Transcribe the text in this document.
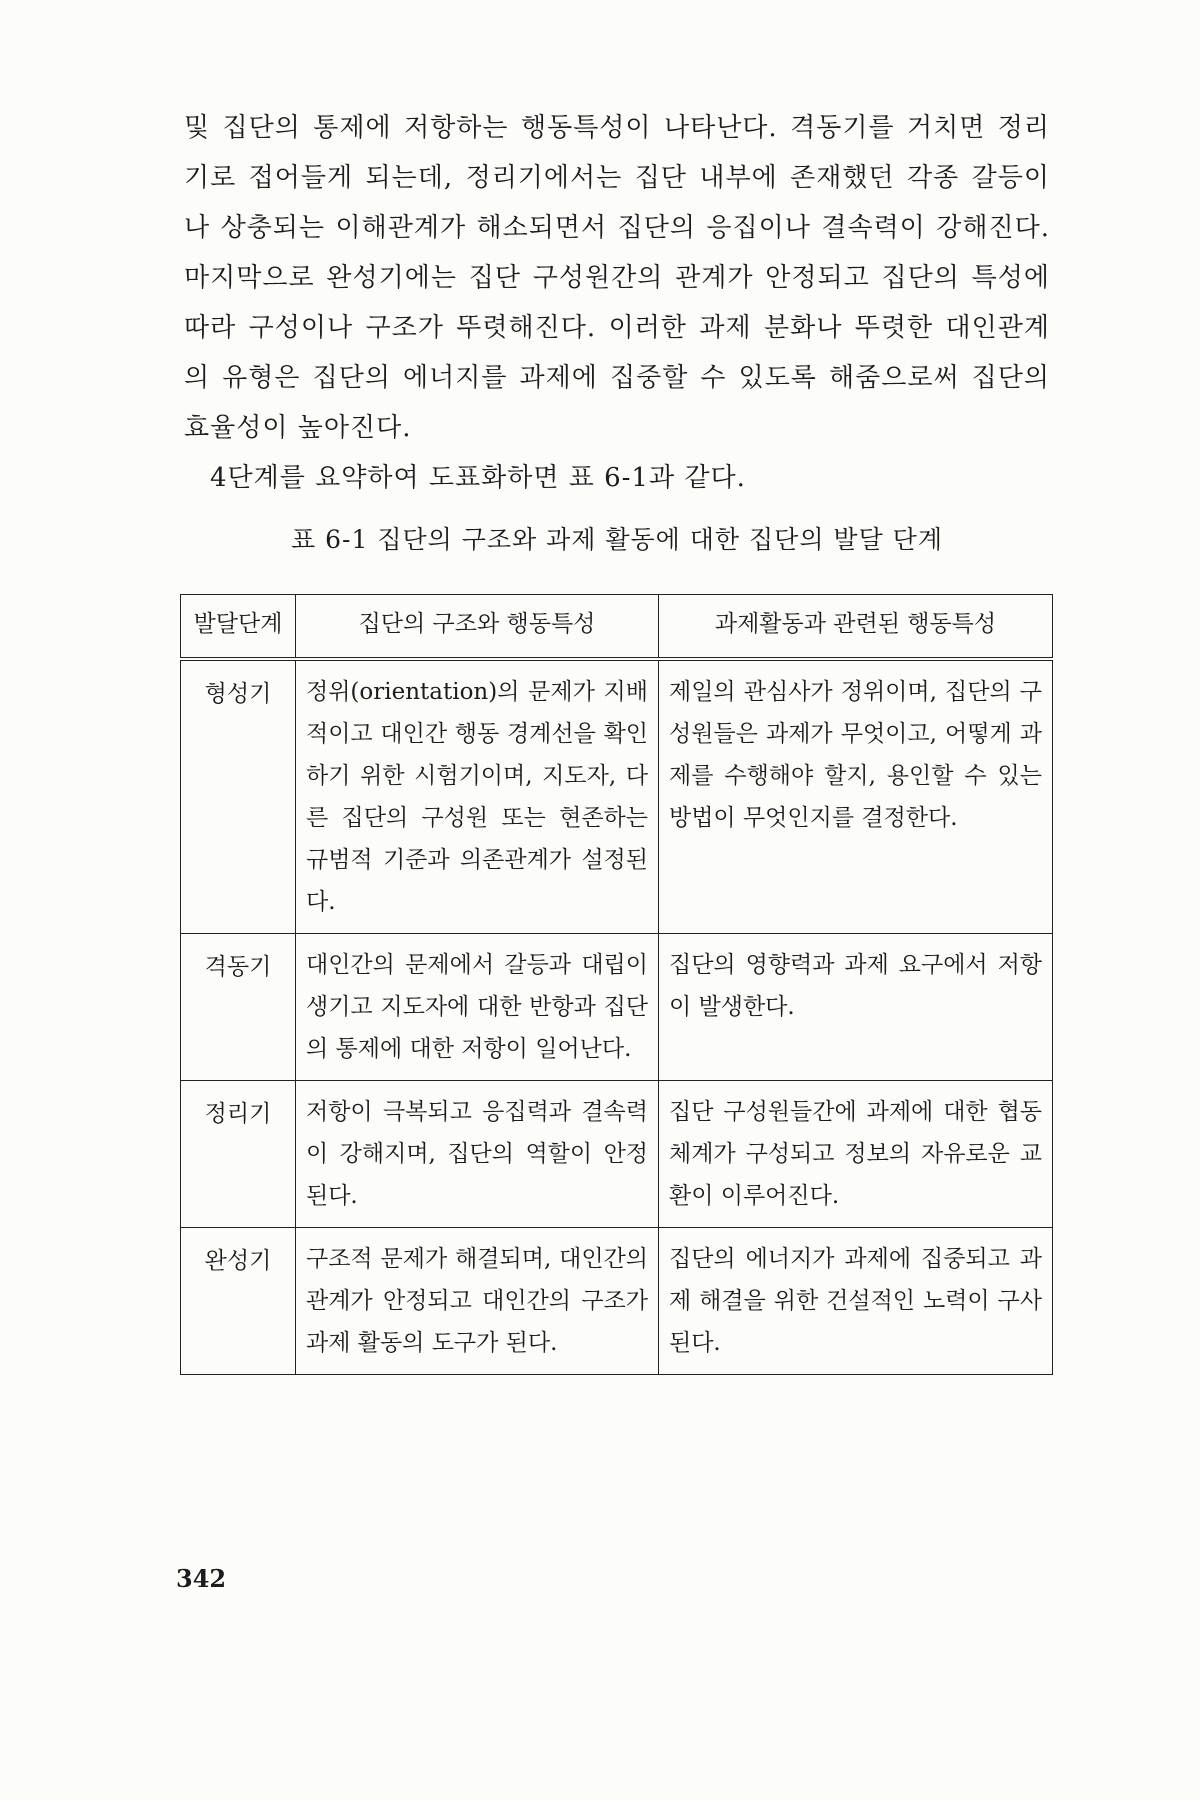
및 집단의 통제에 저항하는 행동특성이 나타난다. 격동기를 거치면 정리기로 접어들게 되는데, 정리기에서는 집단 내부에 존재했던 각종 갈등이나 상충되는 이해관계가 해소되면서 집단의 응집이나 결속력이 강해진다. 마지막으로 완성기에는 집단 구성원간의 관계가 안정되고 집단의 특성에 따라 구성이나 구조가 뚜렷해진다. 이러한 과제 분화나 뚜렷한 대인관계의 유형은 집단의 에너지를 과제에 집중할 수 있도록 해줌으로써 집단의 효율성이 높아진다.

4단계를 요약하여 도표화하면 표 6-1과 같다.

표 6-1 집단의 구조와 과제 활동에 대한 집단의 발달 단계
발달단계	집단의 구조와 행동특성	과제활동과 관련된 행동특성
형성기	정위(orientation)의 문제가 지배적이고 대인간 행동 경계선을 확인하기 위한 시험기이며, 지도자, 다른 집단의 구성원 또는 현존하는 규범적 기준과 의존관계가 설정된다.	제일의 관심사가 정위이며, 집단의 구성원들은 과제가 무엇이고, 어떻게 과제를 수행해야 할지, 용인할 수 있는 방법이 무엇인지를 결정한다.
격동기	대인간의 문제에서 갈등과 대립이 생기고 지도자에 대한 반항과 집단의 통제에 대한 저항이 일어난다.	집단의 영향력과 과제 요구에서 저항이 발생한다.
정리기	저항이 극복되고 응집력과 결속력이 강해지며, 집단의 역할이 안정된다.	집단 구성원들간에 과제에 대한 협동 체계가 구성되고 정보의 자유로운 교환이 이루어진다.
완성기	구조적 문제가 해결되며, 대인간의 관계가 안정되고 대인간의 구조가 과제 활동의 도구가 된다.	집단의 에너지가 과제에 집중되고 과제 해결을 위한 건설적인 노력이 구사된다.
342
